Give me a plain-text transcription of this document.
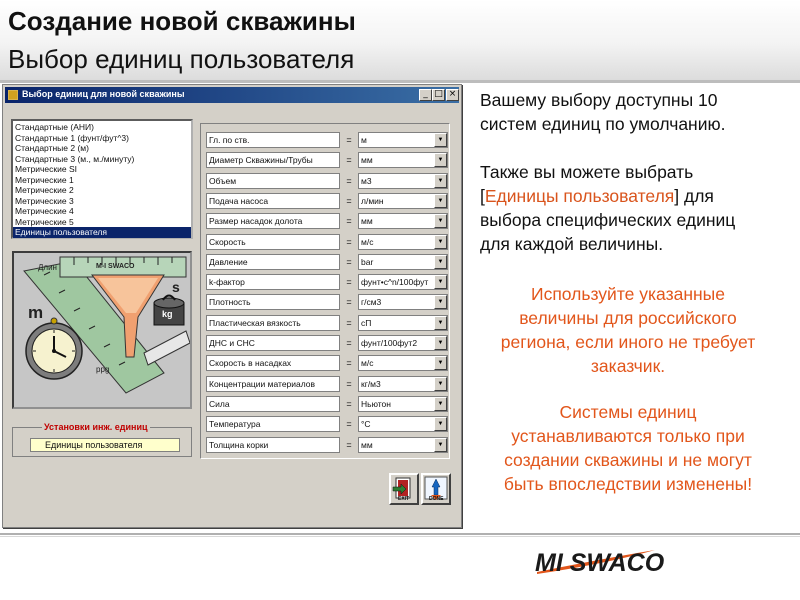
Создание новой скважины
Выбор единиц пользователя
Выбор единиц для новой скважины	_ □ ×
Стандартные (АНИ)
Стандартные 1 (фунт/фут^3)
Стандартные 2 (м)
Стандартные 3 (м., м./минуту)
Метрические SI
Метрические 1
Метрические 2
Метрические 3
Метрические 4
Метрические 5
Единицы пользователя
Длин	M-I SWACO
m
s
kg
ppg
Установки инж. единиц
Единицы пользователя
Гл. по ств.	= м	▼
Диаметр Скважины/Трубы	= мм	▼
Объем	= м3	▼
Подача насоса	= л/мин	▼
Размер насадок долота	= мм	▼
Скорость	= м/с	▼
Давление	= bar	▼
k-фактор	= фунт•с^n/100фут	▼
Плотность	= г/см3	▼
Пластическая вязкость	= сП	▼
ДНС и СНС	= фунт/100фут2	▼
Скорость в насадках	= м/с	▼
Концентрации материалов	= кг/м3	▼
Сила	= Ньютон	▼
Температура	= °C	▼
Толщина корки	= мм	▼
EXIT	DONE
Вашему выбору доступны 10
систем единиц по умолчанию.
Также вы можете выбрать
[Единицы пользователя] для
выбора специфических единиц
для каждой величины.
Используйте указанные
величины для российского
региона, если иного не требует
заказчик.
Системы единиц
устанавливаются только при
создании скважины и не могут
быть впоследствии изменены!
MI SWACO
